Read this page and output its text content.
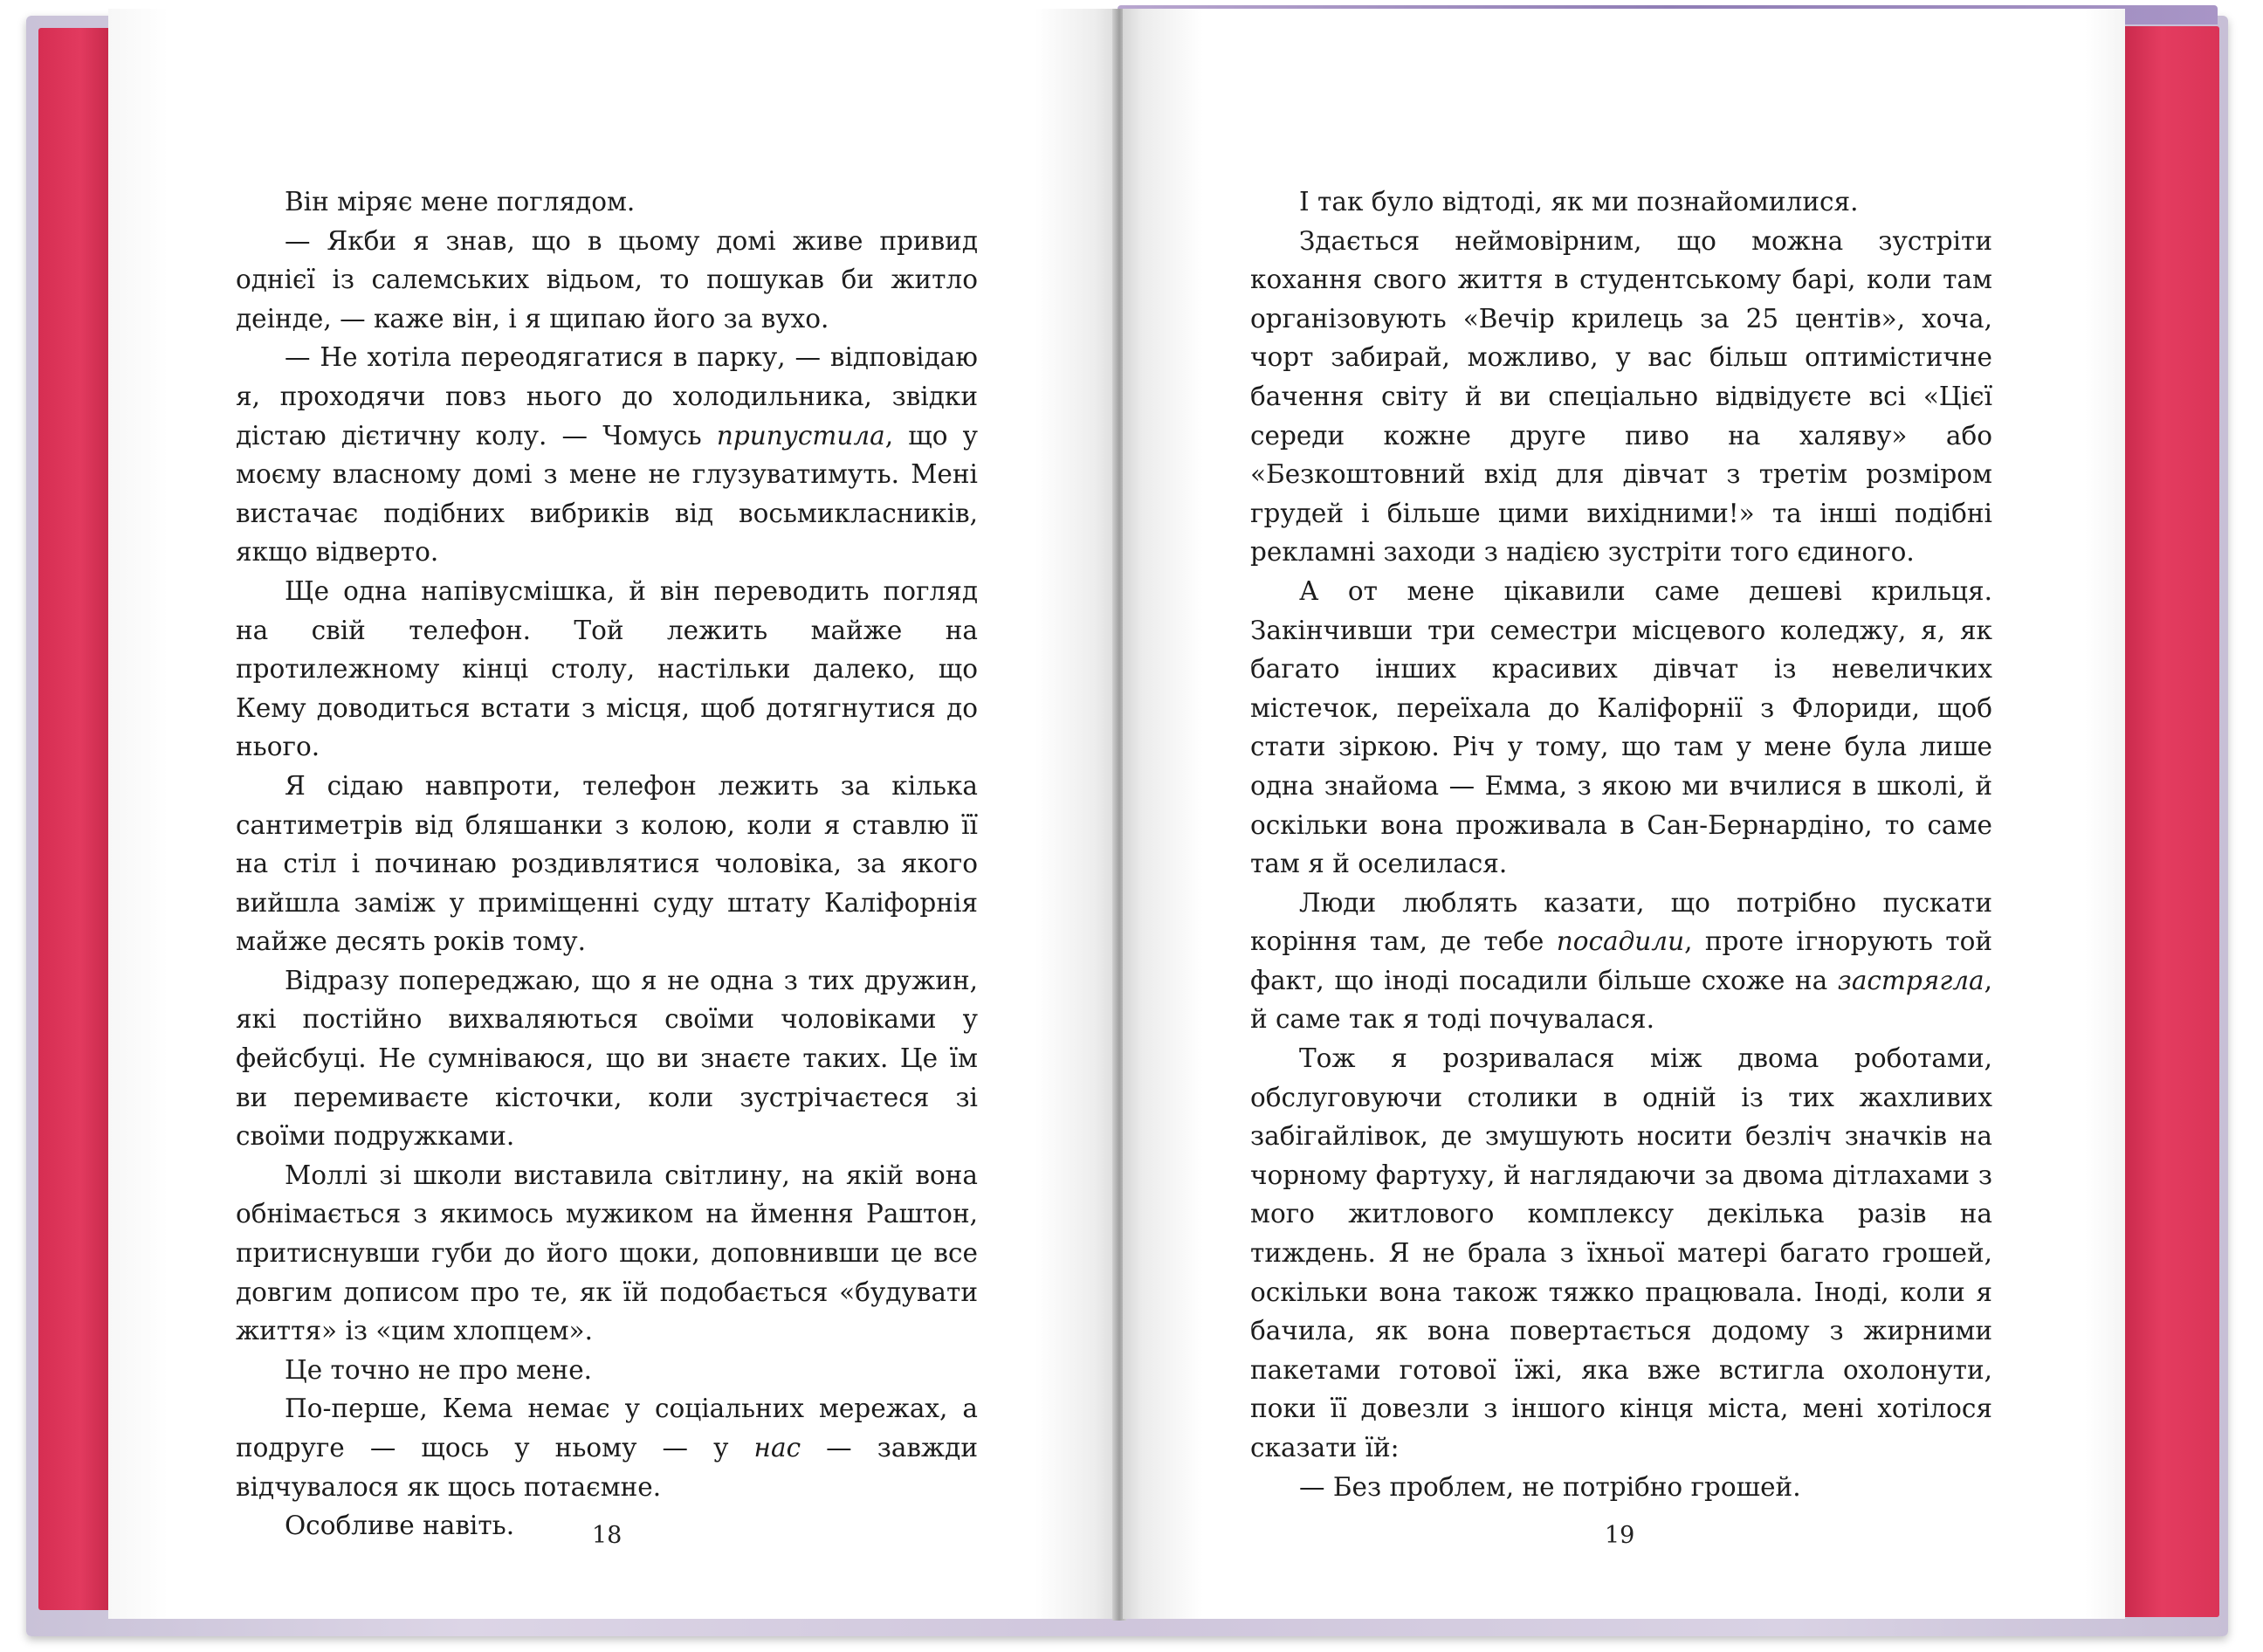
Він міряє мене поглядом.

— Якби я знав, що в цьому домі живе привид однієї із салемських відьом, то пошукав би житло деінде, — каже він, і я щипаю його за вухо.

— Не хотіла переодягатися в парку, — відповідаю я, проходячи повз нього до холодильника, звідки дістаю дієтичну колу. — Чомусь припустила, що у моєму власному домі з мене не глузуватимуть. Мені вистачає подібних вибриків від восьмикласників, якщо відверто.

Ще одна напівусмішка, й він переводить погляд на свій телефон. Той лежить майже на протилежному кінці столу, настільки далеко, що Кему доводиться встати з місця, щоб дотягнутися до нього.

Я сідаю навпроти, телефон лежить за кілька сантиметрів від бляшанки з колою, коли я ставлю її на стіл і починаю роздивлятися чоловіка, за якого вийшла заміж у приміщенні суду штату Каліфорнія майже десять років тому.

Відразу попереджаю, що я не одна з тих дружин, які постійно вихваляються своїми чоловіками у фейсбуці. Не сумніваюся, що ви знаєте таких. Це їм ви перемиваєте кісточки, коли зустрічаєтеся зі своїми подружками.

Моллі зі школи виставила світлину, на якій вона обнімається з якимось мужиком на ймення Раштон, притиснувши губи до його щоки, доповнивши це все довгим дописом про те, як їй подобається «будувати життя» із «цим хлопцем».

Це точно не про мене.

По-перше, Кема немає у соціальних мережах, а подруге — щось у ньому — у нас — завжди відчувалося як щось потаємне.

Особливе навіть.	18

І так було відтоді, як ми познайомилися.

Здається неймовірним, що можна зустріти кохання свого життя в студентському барі, коли там організовують «Вечір крилець за 25 центів», хоча, чорт забирай, можливо, у вас більш оптимістичне бачення світу й ви спеціально відвідуєте всі «Цієї середи кожне друге пиво на халяву» або «Безкоштовний вхід для дівчат з третім розміром грудей і більше цими вихідними!» та інші подібні рекламні заходи з надією зустріти того єдиного.

А от мене цікавили саме дешеві крильця. Закінчивши три семестри місцевого коледжу, я, як багато інших красивих дівчат із невеличких містечок, переїхала до Каліфорнії з Флориди, щоб стати зіркою. Річ у тому, що там у мене була лише одна знайома — Емма, з якою ми вчилися в школі, й оскільки вона проживала в Сан-Бернардіно, то саме там я й оселилася.

Люди люблять казати, що потрібно пускати коріння там, де тебе посадили, проте ігнорують той факт, що іноді посадили більше схоже на застрягла, й саме так я тоді почувалася.

Тож я розривалася між двома роботами, обслуговуючи столики в одній із тих жахливих забігайлівок, де змушують носити безліч значків на чорному фартуху, й наглядаючи за двома дітлахами з мого житлового комплексу декілька разів на тиждень. Я не брала з їхньої матері багато грошей, оскільки вона також тяжко працювала. Іноді, коли я бачила, як вона повертається додому з жирними пакетами готової їжі, яка вже встигла охолонути, поки її довезли з іншого кінця міста, мені хотілося сказати їй:

— Без проблем, не потрібно грошей.

19
